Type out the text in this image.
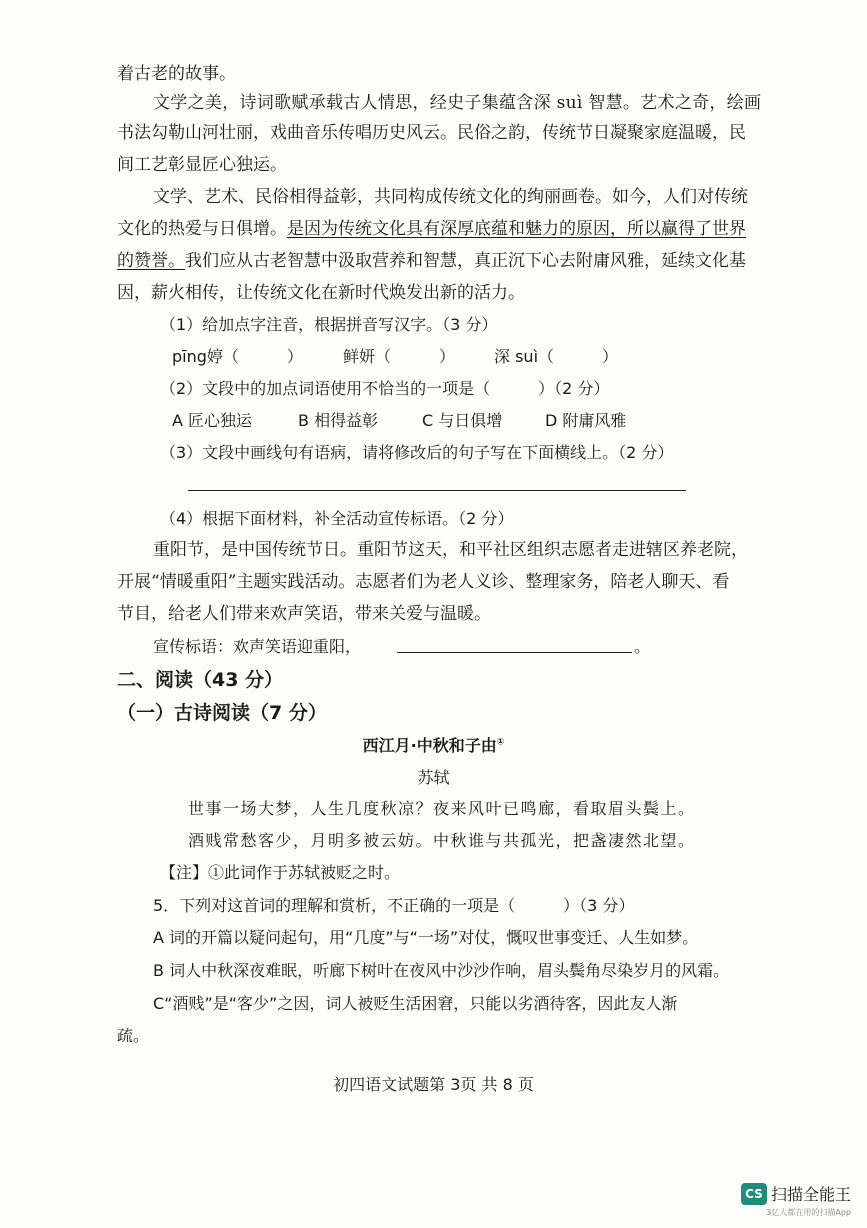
着古老的故事。
文学之美，诗词歌赋承载古人情思，经史子集蕴含深 suì 智慧。艺术之奇，绘画
书法勾勒山河壮丽，戏曲音乐传唱历史风云。民俗之韵，传统节日凝聚家庭温暖，民
间工艺彰显匠心独运。
文学、艺术、民俗相得益彰，共同构成传统文化的绚丽画卷。如今，人们对传统
文化的热爱与日俱增。是因为传统文化具有深厚底蕴和魅力的原因，所以赢得了世界
的赞誉。我们应从古老智慧中汲取营养和智慧，真正沉下心去附庸风雅，延续文化基
因，薪火相传，让传统文化在新时代焕发出新的活力。
（1）给加点字注音，根据拼音写汉字。（3 分）
pīng婷（　　　）	鲜妍（　　　） 深 suì（　　　）
（2）文段中的加点词语使用不恰当的一项是（　　　）（2 分）
A 匠心独运	B 相得益彰	C 与日俱增	D 附庸风雅
（3）文段中画线句有语病，请将修改后的句子写在下面横线上。（2 分）
（4）根据下面材料，补全活动宣传标语。（2 分）
重阳节，是中国传统节日。重阳节这天，和平社区组织志愿者走进辖区养老院，
开展“情暖重阳”主题实践活动。志愿者们为老人义诊、整理家务，陪老人聊天、看
节目，给老人们带来欢声笑语，带来关爱与温暖。
宣传标语：欢声笑语迎重阳，	。
二、阅读（43 分）
（一）古诗阅读（7 分）
西江月·中秋和子由①
苏轼
世事一场大梦，人生几度秋凉？夜来风叶已鸣廊，看取眉头鬓上。
酒贱常愁客少，月明多被云妨。中秋谁与共孤光，把盏凄然北望。
【注】①此词作于苏轼被贬之时。
5．下列对这首词的理解和赏析，不正确的一项是（　　　）（3 分）
A 词的开篇以疑问起句，用“几度”与“一场”对仗，慨叹世事变迁、人生如梦。
B 词人中秋深夜难眠，听廊下树叶在夜风中沙沙作响，眉头鬓角尽染岁月的风霜。
C“酒贱”是“客少”之因，词人被贬生活困窘，只能以劣酒待客，因此友人渐
疏。
初四语文试题第 3页 共 8 页
CS 扫描全能王
3亿人都在用的扫描App
